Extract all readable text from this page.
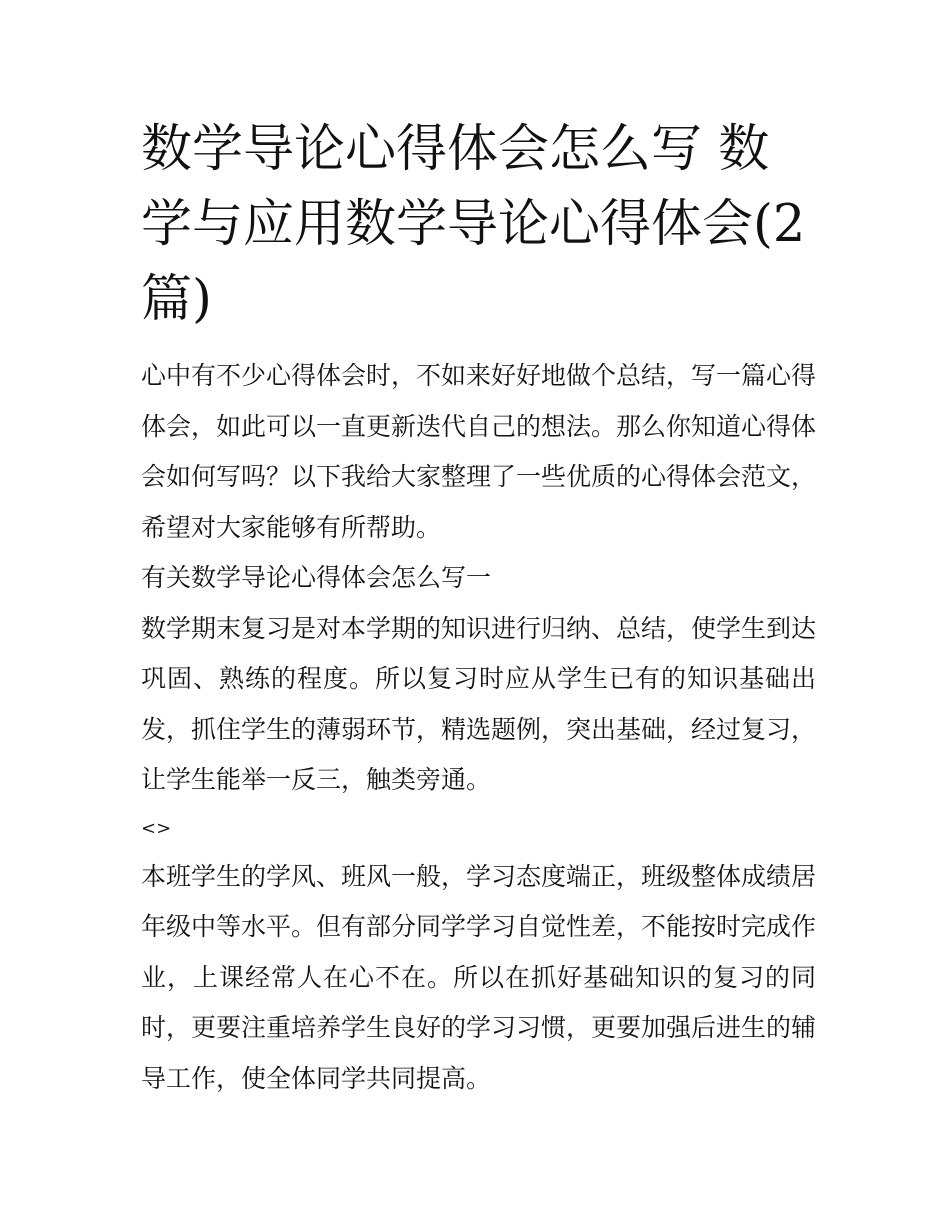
数学导论心得体会怎么写 数学与应用数学导论心得体会(2篇)

心中有不少心得体会时，不如来好好地做个总结，写一篇心得体会，如此可以一直更新迭代自己的想法。那么你知道心得体会如何写吗？以下我给大家整理了一些优质的心得体会范文，希望对大家能够有所帮助。

有关数学导论心得体会怎么写一

数学期末复习是对本学期的知识进行归纳、总结，使学生到达巩固、熟练的程度。所以复习时应从学生已有的知识基础出发，抓住学生的薄弱环节，精选题例，突出基础，经过复习，让学生能举一反三，触类旁通。

<>

本班学生的学风、班风一般，学习态度端正，班级整体成绩居年级中等水平。但有部分同学学习自觉性差，不能按时完成作业，上课经常人在心不在。所以在抓好基础知识的复习的同时，更要注重培养学生良好的学习习惯，更要加强后进生的辅导工作，使全体同学共同提高。
